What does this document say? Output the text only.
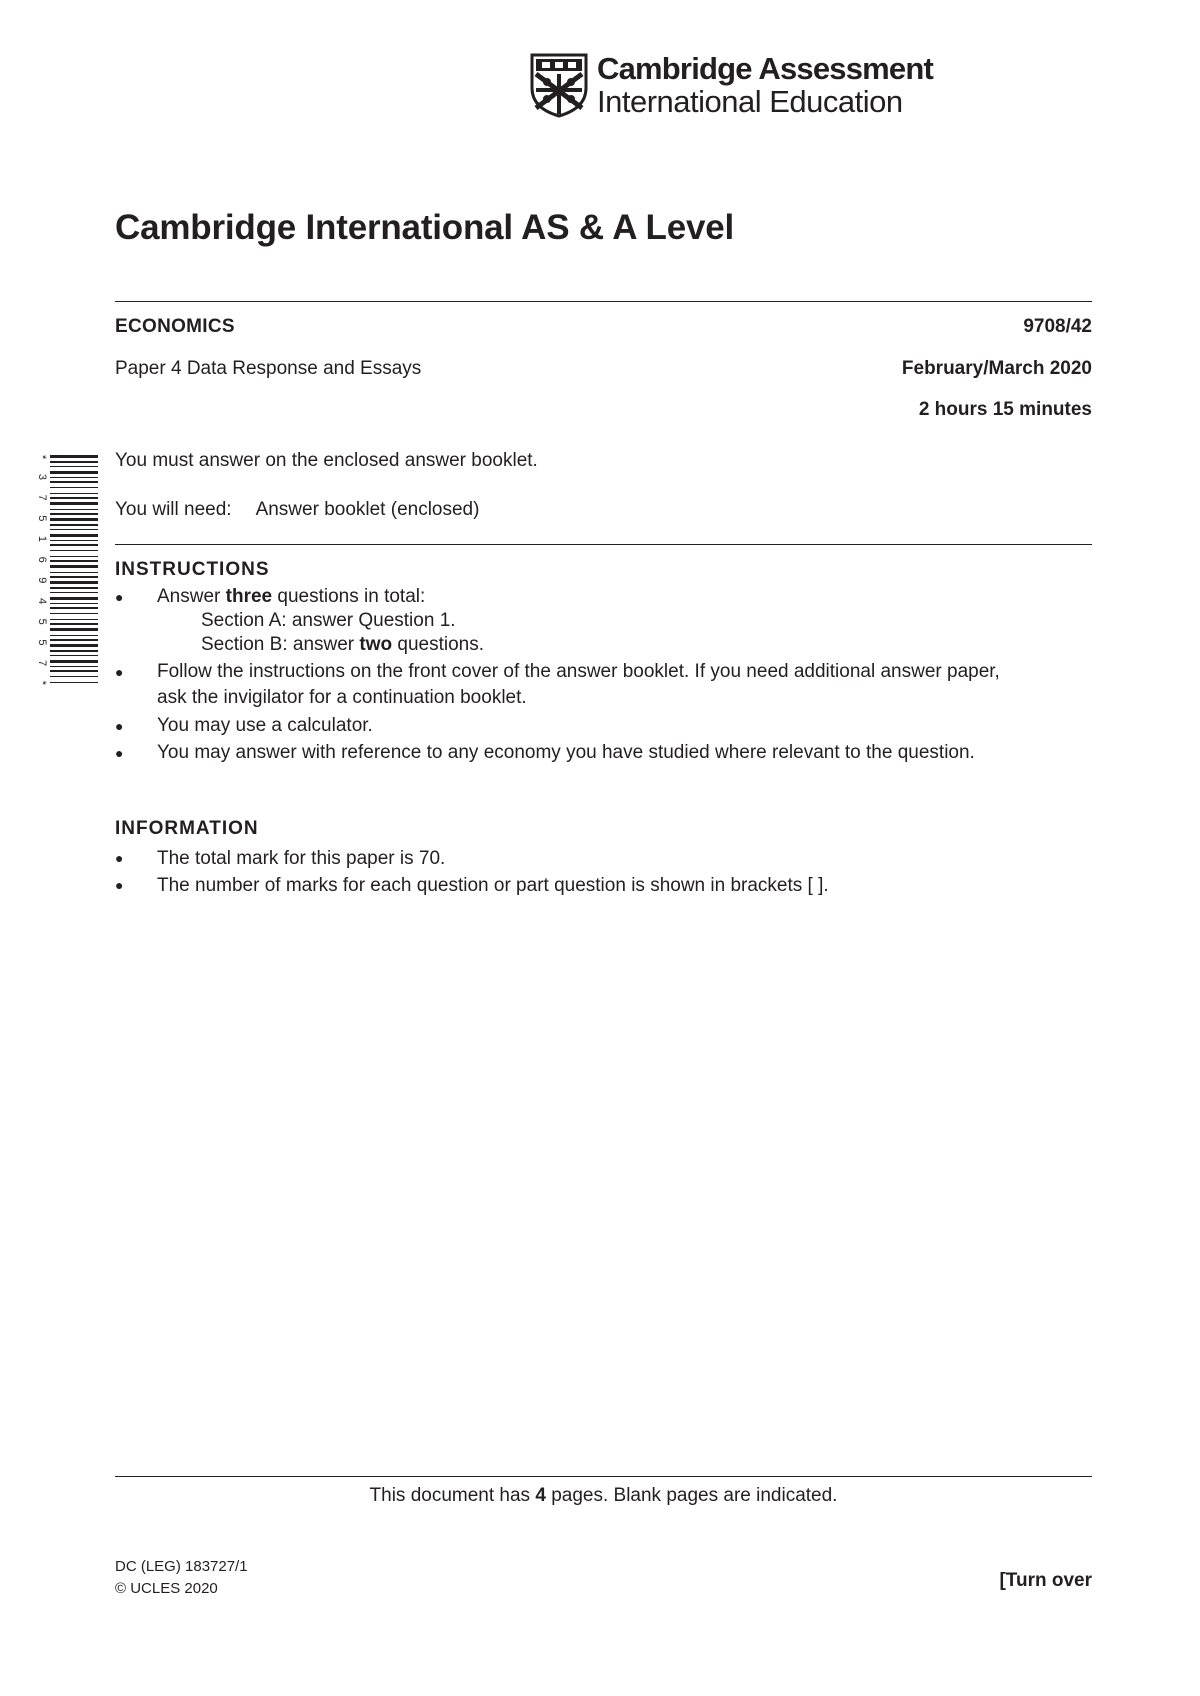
Cambridge Assessment
International Education
Cambridge International AS & A Level
ECONOMICS	9708/42
Paper 4 Data Response and Essays	February/March 2020
2 hours 15 minutes
* 3 7 5 1 6 9 4 5 5 7 *
You must answer on the enclosed answer booklet.
You will need: Answer booklet (enclosed)
INSTRUCTIONS
● Answer three questions in total:
Section A: answer Question 1.
Section B: answer two questions.
● Follow the instructions on the front cover of the answer booklet. If you need additional answer paper,
ask the invigilator for a continuation booklet.
● You may use a calculator.
● You may answer with reference to any economy you have studied where relevant to the question.
INFORMATION
● The total mark for this paper is 70.
● The number of marks for each question or part question is shown in brackets [ ].
This document has 4 pages. Blank pages are indicated.
DC (LEG) 183727/1
© UCLES 2020	[Turn over
